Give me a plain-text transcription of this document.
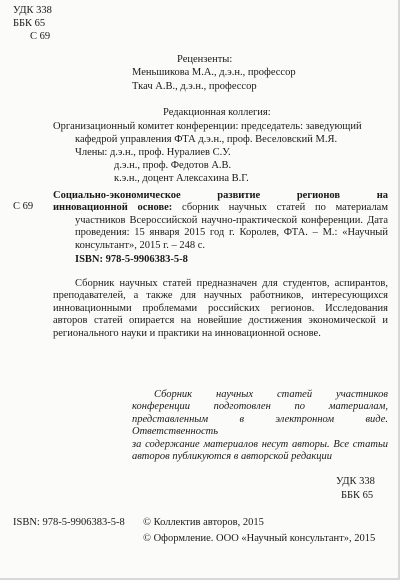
УДК 338
ББК 65
С 69
Рецензенты:
Меньшикова М.А., д.э.н., профессор
Ткач А.В., д.э.н., профессор
Редакционная коллегия:
Организационный комитет конференции: председатель: заведующий
кафедрой управления ФТА д.э.н., проф. Веселовский М.Я.
Члены: д.э.н., проф. Нуралиев С.У.
д.э.н., проф. Федотов А.В.
к.э.н., доцент Алексахина В.Г.
С 69
Социально-экономическое развитие регионов на
инновационной основе: сборник научных статей по материалам
участников Всероссийской научно-практической конференции. Дата
проведения: 15 января 2015 год г. Королев, ФТА. – М.: «Научный
консультант», 2015 г. – 248 с.
ISBN: 978-5-9906383-5-8
Сборник научных статей предназначен для студентов, аспирантов,
преподавателей, а также для научных работников, интересующихся
инновационными проблемами российских регионов. Исследования
авторов статей опирается на новейшие достижения экономической и
регионального науки и практики на инновационной основе.
Сборник научных статей участников
конференции подготовлен по материалам,
представленным в электронном виде. Ответственность
за содержание материалов несут авторы. Все статьи
авторов публикуются в авторской редакции
УДК 338
ББК 65
ISBN: 978-5-9906383-5-8 © Коллектив авторов, 2015
© Оформление. ООО «Научный консультант», 2015
